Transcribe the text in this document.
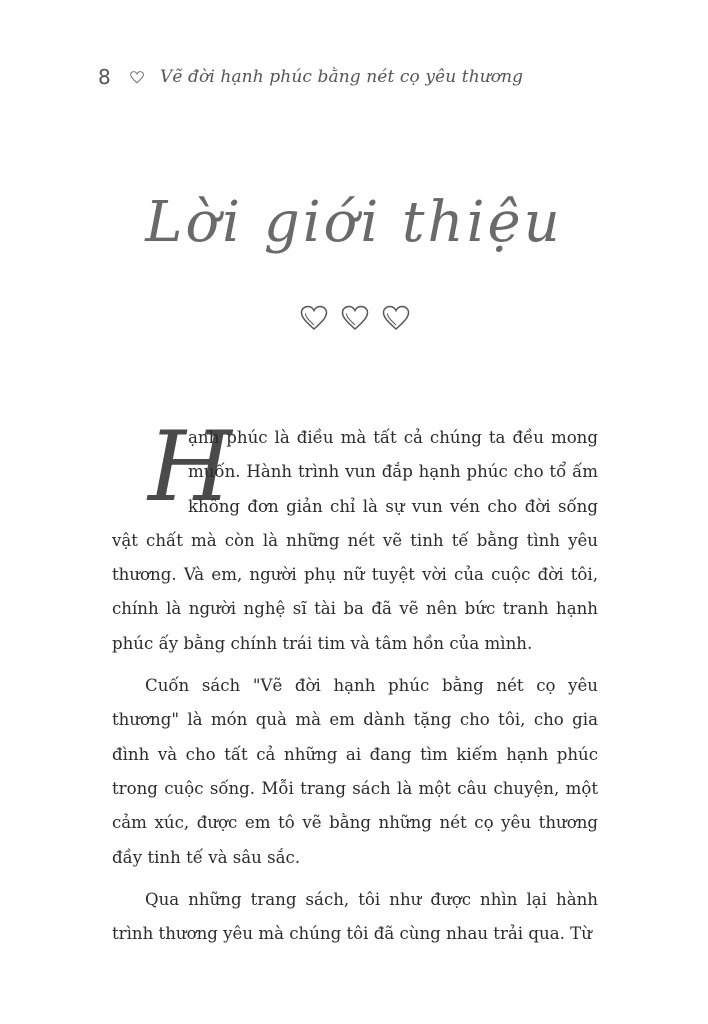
8	Vẽ đời hạnh phúc bằng nét cọ yêu thương
Lời giới thiệu

H
ạnh phúc là điều mà tất cả chúng ta đều mong muốn. Hành trình vun đắp hạnh phúc cho tổ ấm không đơn giản chỉ là sự vun vén cho đời sống vật chất mà còn là những nét vẽ tinh tế bằng tình yêu thương. Và em, người phụ nữ tuyệt vời của cuộc đời tôi, chính là người nghệ sĩ tài ba đã vẽ nên bức tranh hạnh phúc ấy bằng chính trái tim và tâm hồn của mình.

Cuốn sách "Vẽ đời hạnh phúc bằng nét cọ yêu thương" là món quà mà em dành tặng cho tôi, cho gia đình và cho tất cả những ai đang tìm kiếm hạnh phúc trong cuộc sống. Mỗi trang sách là một câu chuyện, một cảm xúc, được em tô vẽ bằng những nét cọ yêu thương đầy tinh tế và sâu sắc.

Qua những trang sách, tôi như được nhìn lại hành trình thương yêu mà chúng tôi đã cùng nhau trải qua. Từ
